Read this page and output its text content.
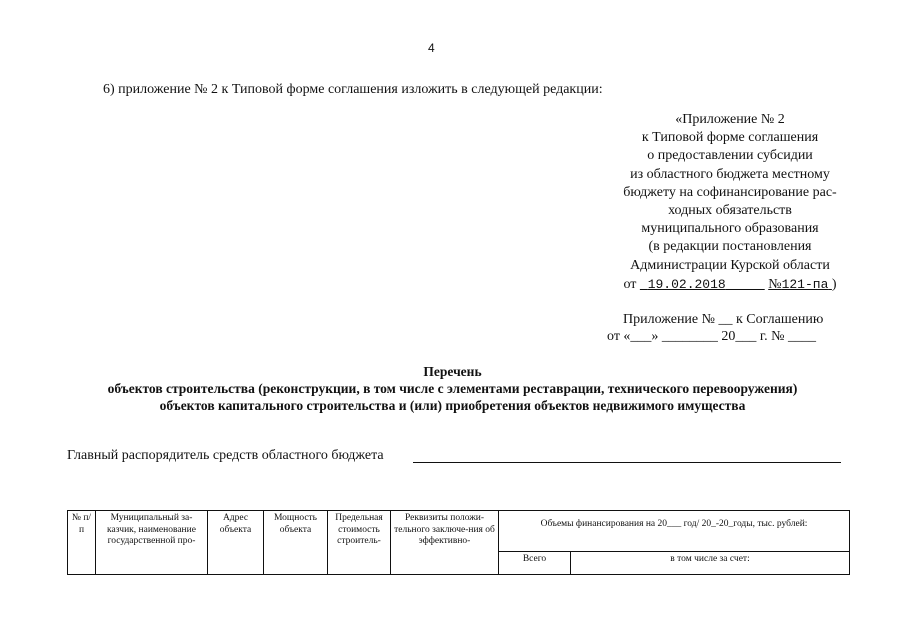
4
6) приложение № 2 к Типовой форме соглашения изложить в следующей редакции:
«Приложение № 2
к Типовой форме соглашения
о предоставлении субсидии
из областного бюджета местному
бюджету на софинансирование рас-
ходных обязательств
муниципального образования
(в редакции постановления
Администрации Курской области
от 19.02.2018	№121-па )
Приложение № __ к Соглашению
от «___» ________ 20___ г. № ____
Перечень
объектов строительства (реконструкции, в том числе с элементами реставрации, технического перевооружения)
объектов капитального строительства и (или) приобретения объектов недвижимого имущества
Главный распорядитель средств областного бюджета
№ п/п	Муниципальный за-казчик, наименование государственной про-	Адрес объекта	Мощность объекта	Предельная стоимость строитель-	Реквизиты положи-тельного заключе-ния об эффективно-	Объемы финансирования на 20___ год/ 20_-20_годы, тыс. рублей:	
						Всего	в том числе за счет:
